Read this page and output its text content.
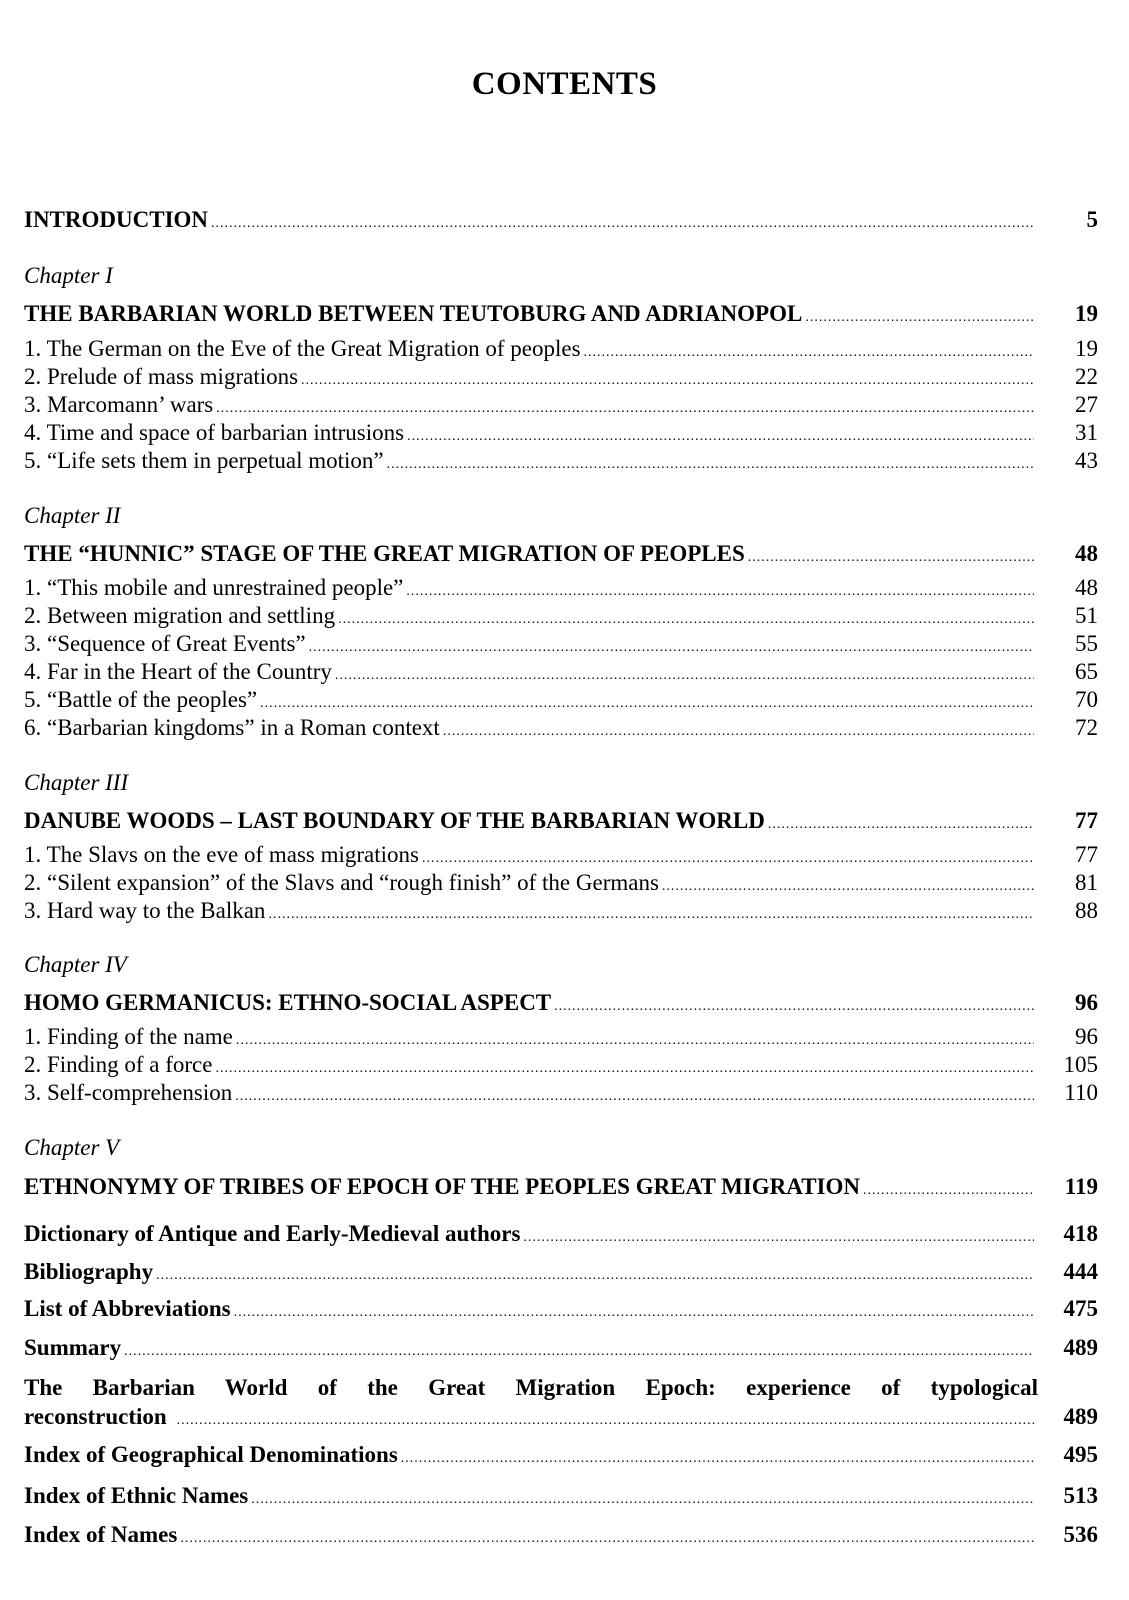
CONTENTS
INTRODUCTION .....	5
Chapter I
THE BARBARIAN WORLD BETWEEN TEUTOBURG AND ADRIANOPOL .....	19
1. The German on the Eve of the Great Migration of peoples .....	19
2. Prelude of mass migrations .....	22
3. Marcomann’ wars .....	27
4. Time and space of barbarian intrusions .....	31
5. “Life sets them in perpetual motion” .....	43
Chapter II
THE “HUNNIC” STAGE OF THE GREAT MIGRATION OF PEOPLES .....	48
1. “This mobile and unrestrained people” .....	48
2. Between migration and settling .....	51
3. “Sequence of Great Events” .....	55
4. Far in the Heart of the Country .....	65
5. “Battle of the peoples” .....	70
6. “Barbarian kingdoms” in a Roman context .....	72
Chapter III
DANUBE WOODS – LAST BOUNDARY OF THE BARBARIAN WORLD .....	77
1. The Slavs on the eve of mass migrations .....	77
2. “Silent expansion” of the Slavs and “rough finish” of the Germans .....	81
3. Hard way to the Balkan .....	88
Chapter IV
HOMO GERMANICUS: ETHNO-SOCIAL ASPECT .....	96
1. Finding of the name .....	96
2. Finding of a force .....	105
3. Self-comprehension .....	110
Chapter V
ETHNONYMY OF TRIBES OF EPOCH OF THE PEOPLES GREAT MIGRATION .....	119
Dictionary of Antique and Early-Medieval authors .....	418
Bibliography .....	444
List of Abbreviations .....	475
Summary .....	489
The Barbarian World of the Great Migration Epoch: experience of typological
reconstruction .....	489
Index of Geographical Denominations .....	495
Index of Ethnic Names .....	513
Index of Names .....	536
